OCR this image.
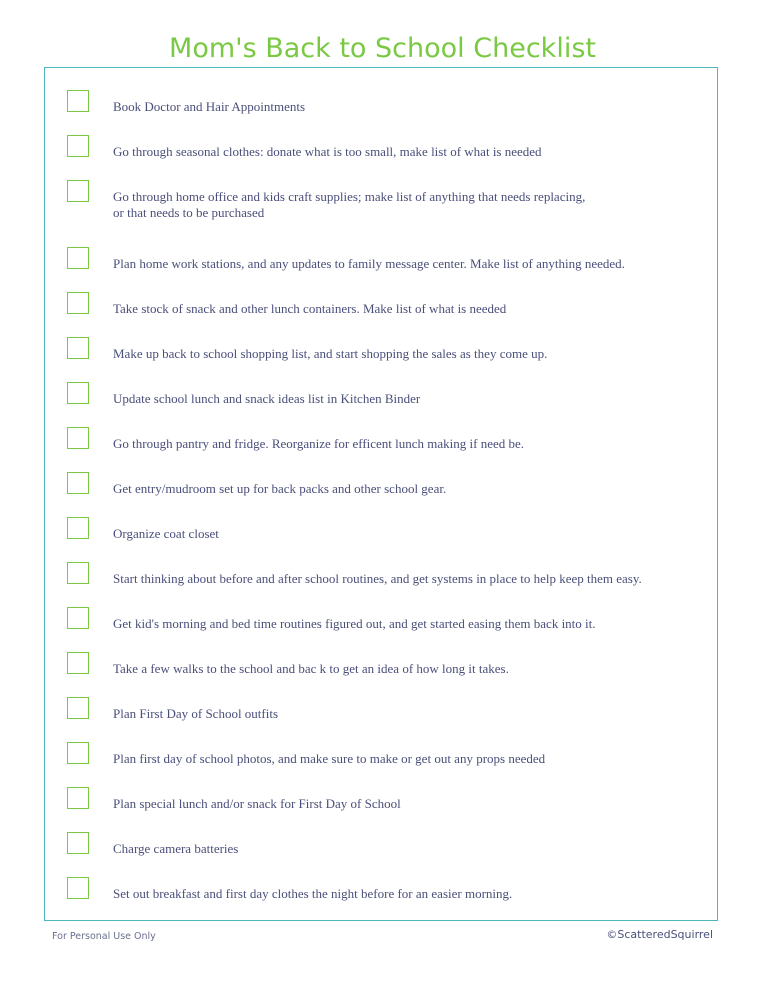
Mom's Back to School Checklist
Book Doctor and Hair Appointments
Go through seasonal clothes: donate what is too small, make list of what is needed
Go through home office and kids craft supplies; make list of anything that needs replacing,
or that needs to be purchased
Plan home work stations, and any updates to family message center. Make list of anything needed.
Take stock of snack and other lunch containers. Make list of what is needed
Make up back to school shopping list, and start shopping the sales as they come up.
Update school lunch and snack ideas list in Kitchen Binder
Go through pantry and fridge. Reorganize for efficent lunch making if need be.
Get entry/mudroom set up for back packs and other school gear.
Organize coat closet
Start thinking about before and after school routines, and get systems in place to help keep them easy.
Get kid's morning and bed time routines figured out, and get started easing them back into it.
Take a few walks to the school and bac k to get an idea of how long it takes.
Plan First Day of School outfits
Plan first day of school photos, and make sure to make or get out any props needed
Plan special lunch and/or snack for First Day of School
Charge camera batteries
Set out breakfast and first day clothes the night before for an easier morning.
For Personal Use Only	©ScatteredSquirrel
